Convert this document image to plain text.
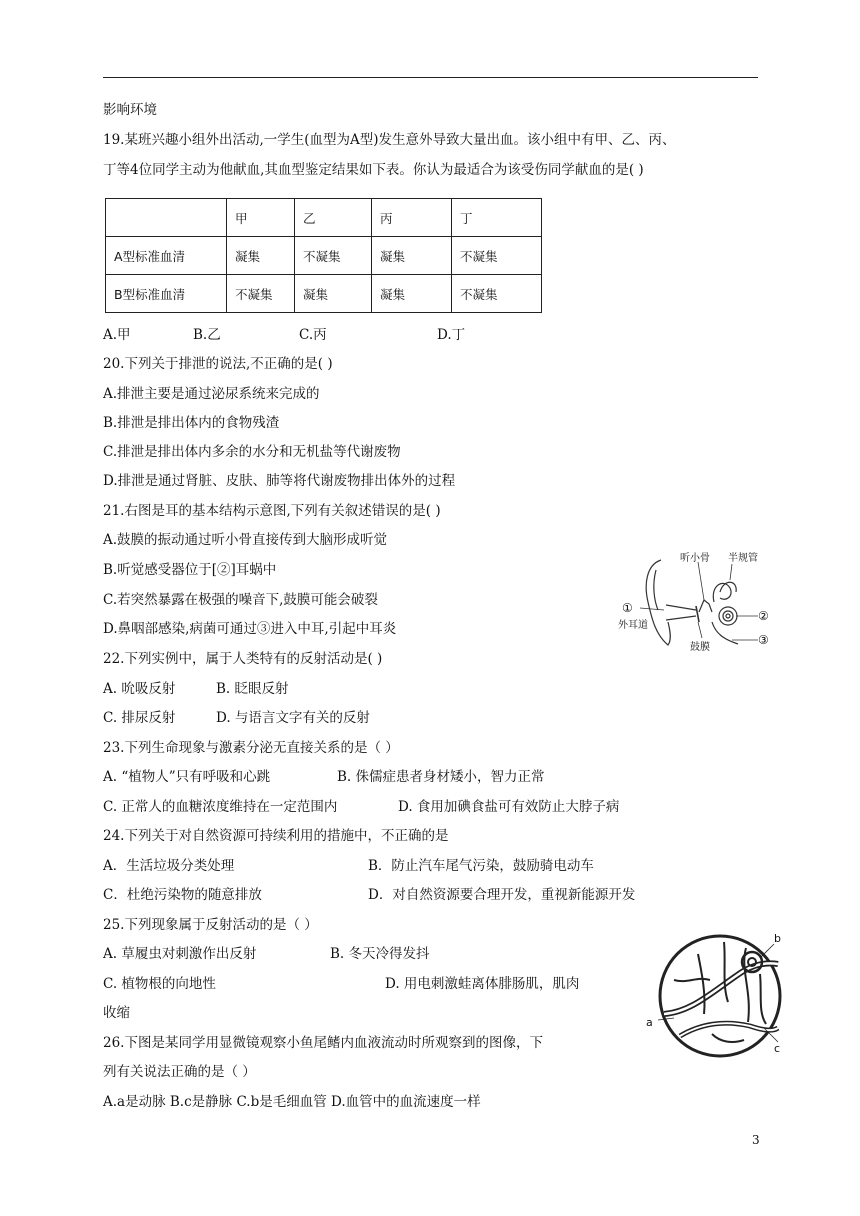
影响环境
19.某班兴趣小组外出活动,一学生(血型为A型)发生意外导致大量出血。该小组中有甲、乙、丙、
丁等4位同学主动为他献血,其血型鉴定结果如下表。你认为最适合为该受伤同学献血的是( )
	甲	乙	丙	丁
A型标准血清	凝集	不凝集	凝集	不凝集
B型标准血清	不凝集	凝集	凝集	不凝集
A.甲	B.乙	C.丙	D.丁
20.下列关于排泄的说法,不正确的是( )
A.排泄主要是通过泌尿系统来完成的
B.排泄是排出体内的食物残渣
C.排泄是排出体内多余的水分和无机盐等代谢废物
D.排泄是通过肾脏、皮肤、肺等将代谢废物排出体外的过程
21.右图是耳的基本结构示意图,下列有关叙述错误的是( )
A.鼓膜的振动通过听小骨直接传到大脑形成听觉
B.听觉感受器位于[②]耳蜗中
C.若突然暴露在极强的噪音下,鼓膜可能会破裂
D.鼻咽部感染,病菌可通过③进入中耳,引起中耳炎
听小骨 半规管
①
②
③
外耳道
鼓膜
22.下列实例中，属于人类特有的反射活动是( )
A. 吮吸反射	B. 眨眼反射
C. 排尿反射	D. 与语言文字有关的反射
23.下列生命现象与激素分泌无直接关系的是（ ）
A. “植物人”只有呼吸和心跳	B. 侏儒症患者身材矮小，智力正常
C. 正常人的血糖浓度维持在一定范围内	D. 食用加碘食盐可有效防止大脖子病
24.下列关于对自然资源可持续利用的措施中，不正确的是
A．生活垃圾分类处理	B．防止汽车尾气污染，鼓励骑电动车
C．杜绝污染物的随意排放	D．对自然资源要合理开发，重视新能源开发
25.下列现象属于反射活动的是（ ）
A. 草履虫对刺激作出反射	B. 冬天冷得发抖
C. 植物根的向地性	D. 用电刺激蛙离体腓肠肌，肌肉
收缩
b
a
c
26.下图是某同学用显微镜观察小鱼尾鳍内血液流动时所观察到的图像，下
列有关说法正确的是（ ）
A.a是动脉 B.c是静脉 C.b是毛细血管 D.血管中的血流速度一样
3
